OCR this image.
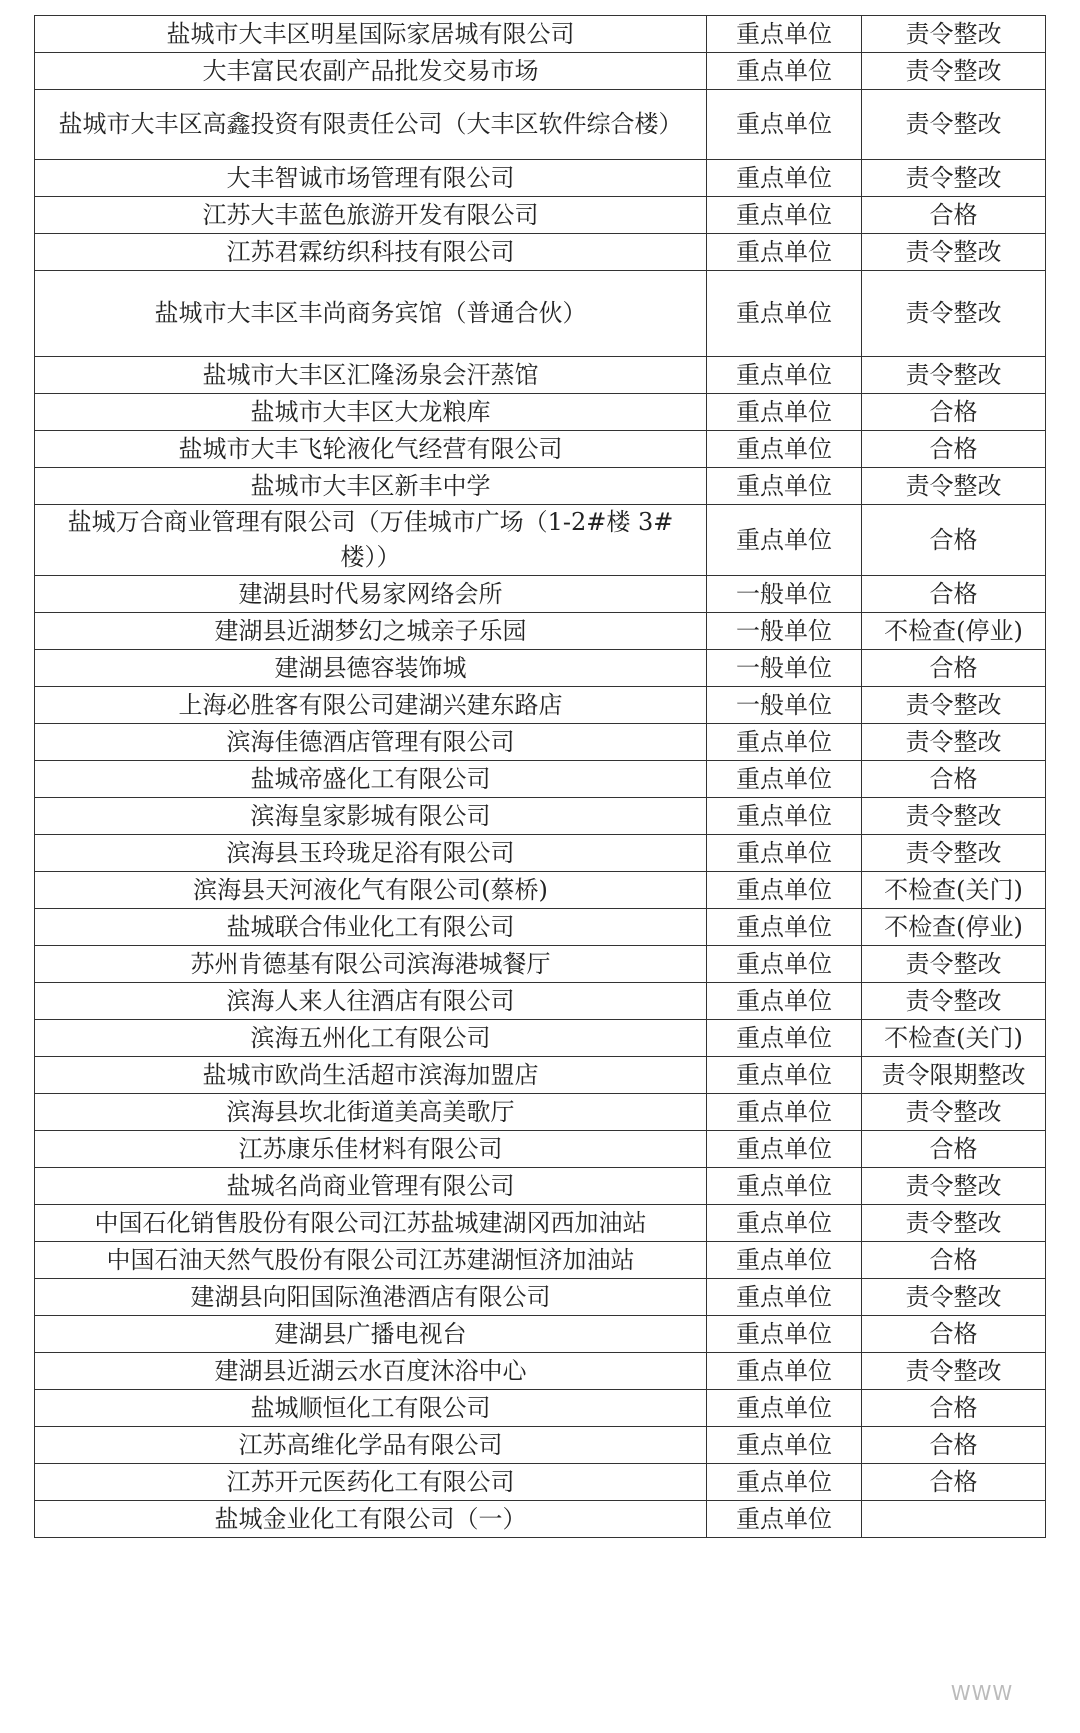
盐城市大丰区明星国际家居城有限公司	重点单位	责令整改
大丰富民农副产品批发交易市场	重点单位	责令整改
盐城市大丰区高鑫投资有限责任公司（大丰区软件综合楼）	重点单位	责令整改
大丰智诚市场管理有限公司	重点单位	责令整改
江苏大丰蓝色旅游开发有限公司	重点单位	合格
江苏君霖纺织科技有限公司	重点单位	责令整改
盐城市大丰区丰尚商务宾馆（普通合伙）	重点单位	责令整改
盐城市大丰区汇隆汤泉会汗蒸馆	重点单位	责令整改
盐城市大丰区大龙粮库	重点单位	合格
盐城市大丰飞轮液化气经营有限公司	重点单位	合格
盐城市大丰区新丰中学	重点单位	责令整改
盐城万合商业管理有限公司（万佳城市广场（1-2#楼 3#楼））	重点单位	合格
建湖县时代易家网络会所	一般单位	合格
建湖县近湖梦幻之城亲子乐园	一般单位	不检查(停业)
建湖县德容装饰城	一般单位	合格
上海必胜客有限公司建湖兴建东路店	一般单位	责令整改
滨海佳德酒店管理有限公司	重点单位	责令整改
盐城帝盛化工有限公司	重点单位	合格
滨海皇家影城有限公司	重点单位	责令整改
滨海县玉玲珑足浴有限公司	重点单位	责令整改
滨海县天河液化气有限公司(蔡桥)	重点单位	不检查(关门)
盐城联合伟业化工有限公司	重点单位	不检查(停业)
苏州肯德基有限公司滨海港城餐厅	重点单位	责令整改
滨海人来人往酒店有限公司	重点单位	责令整改
滨海五州化工有限公司	重点单位	不检查(关门)
盐城市欧尚生活超市滨海加盟店	重点单位	责令限期整改
滨海县坎北街道美高美歌厅	重点单位	责令整改
江苏康乐佳材料有限公司	重点单位	合格
盐城名尚商业管理有限公司	重点单位	责令整改
中国石化销售股份有限公司江苏盐城建湖冈西加油站	重点单位	责令整改
中国石油天然气股份有限公司江苏建湖恒济加油站	重点单位	合格
建湖县向阳国际渔港酒店有限公司	重点单位	责令整改
建湖县广播电视台	重点单位	合格
建湖县近湖云水百度沐浴中心	重点单位	责令整改
盐城顺恒化工有限公司	重点单位	合格
江苏高维化学品有限公司	重点单位	合格
江苏开元医药化工有限公司	重点单位	合格
盐城金业化工有限公司（一）	重点单位	
WWW
